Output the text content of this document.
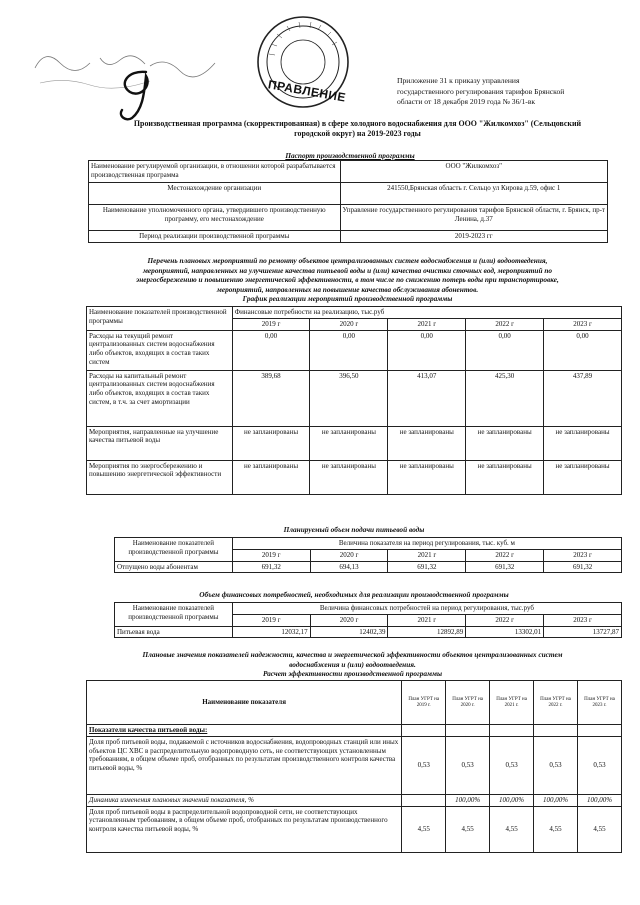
ПРАВЛЕНИЕ	Приложение 31 к приказу управления
государственного регулирования тарифов Брянской
области от 18 декабря 2019 года № 36/1-вк
Производственная программа (скорректированная) в сфере холодного водоснабжения для ООО "Жилкомхоз" (Сельцовский
городской округ) на 2019-2023 годы
Паспорт производственной программы
Наименование регулируемой организации, в отношении которой разрабатывается производственная программа	ООО "Жилкомхоз"
Местонахождение организации	241550,Брянская область г. Сельцо ул Кирова д.59, офис 1
Наименование уполномоченного органа, утвердившего производственную программу, его местонахождение	Управление государственного регулирования тарифов Брянской области, г. Брянск, пр-т Ленина, д.37
Период реализации производственной программы	2019-2023 гг
Перечень плановых мероприятий по ремонту объектов централизованных систем водоснабжения и (или) водоотведения,
мероприятий, направленных на улучшение качества питьевой воды и (или) качества очистки сточных вод, мероприятий по
энергосбережению и повышению энергетической эффективности, в том числе по снижению потерь воды при транспортировке,
мероприятий, направленных на повышение качества обслуживания абонентов.
График реализации мероприятий производственной программы
Наименование показателей производственной программы	Финансовые потребности на реализацию, тыс.руб				
	2019 г	2020 г	2021 г	2022 г	2023 г
Расходы на текущий ремонт централизованных систем водоснабжения либо объектов, входящих в состав таких систем	0,00	0,00	0,00	0,00	0,00
Расходы на капитальный ремонт централизованных систем водоснабжения либо объектов, входящих в состав таких систем, в т.ч. за счет амортизации	389,68	396,50	413,07	425,30	437,89
Мероприятия, направленные на улучшение качества питьевой воды	не запланированы	не запланированы	не запланированы	не запланированы	не запланированы
Мероприятия по энергосбережению и повышению энергетической эффективности	не запланированы	не запланированы	не запланированы	не запланированы	не запланированы
Планируемый объем подачи питьевой воды
Наименование показателей производственной программы	Величина показателя на период регулирования, тыс. куб. м				
	2019 г	2020 г	2021 г	2022 г	2023 г
Отпущено воды абонентам	691,32	694,13	691,32	691,32	691,32
Объем финансовых потребностей, необходимых для реализации производственной программы
Наименование показателей производственной программы	Величина финансовых потребностей на период регулирования, тыс.руб				
	2019 г	2020 г	2021 г	2022 г	2023 г
Питьевая вода	12032,17	12402,39	12892,89	13302,01	13727,87
Плановые значения показателей надежности, качества и энергетической эффективности объектов централизованных систем
водоснабжения и (или) водоотведения.
Расчет эффективности производственной программы
Наименование показателя	План УГРТ на 2019 г.	План УГРТ на 2020 г.	План УГРТ на 2021 г.	План УГРТ на 2022 г.	План УГРТ на 2023 г.
Показатели качества питьевой воды:					
Доля проб питьевой воды, подаваемой с источников водоснабжения, водопроводных станций или иных объектов ЦС ХВС в распределительную водопроводную сеть, не соответствующих установленным требованиям, в общем объеме проб, отобранных по результатам производственного контроля качества питьевой воды, %	0,53	0,53	0,53	0,53	0,53
Динамика изменения плановых значений показателя, %		100,00%	100,00%	100,00%	100,00%
Доля проб питьевой воды в распределительной водопроводной сети, не соответствующих установленным требованиям, в общем объеме проб, отобранных по результатам производственного контроля качества питьевой воды, %	4,55	4,55	4,55	4,55	4,55
